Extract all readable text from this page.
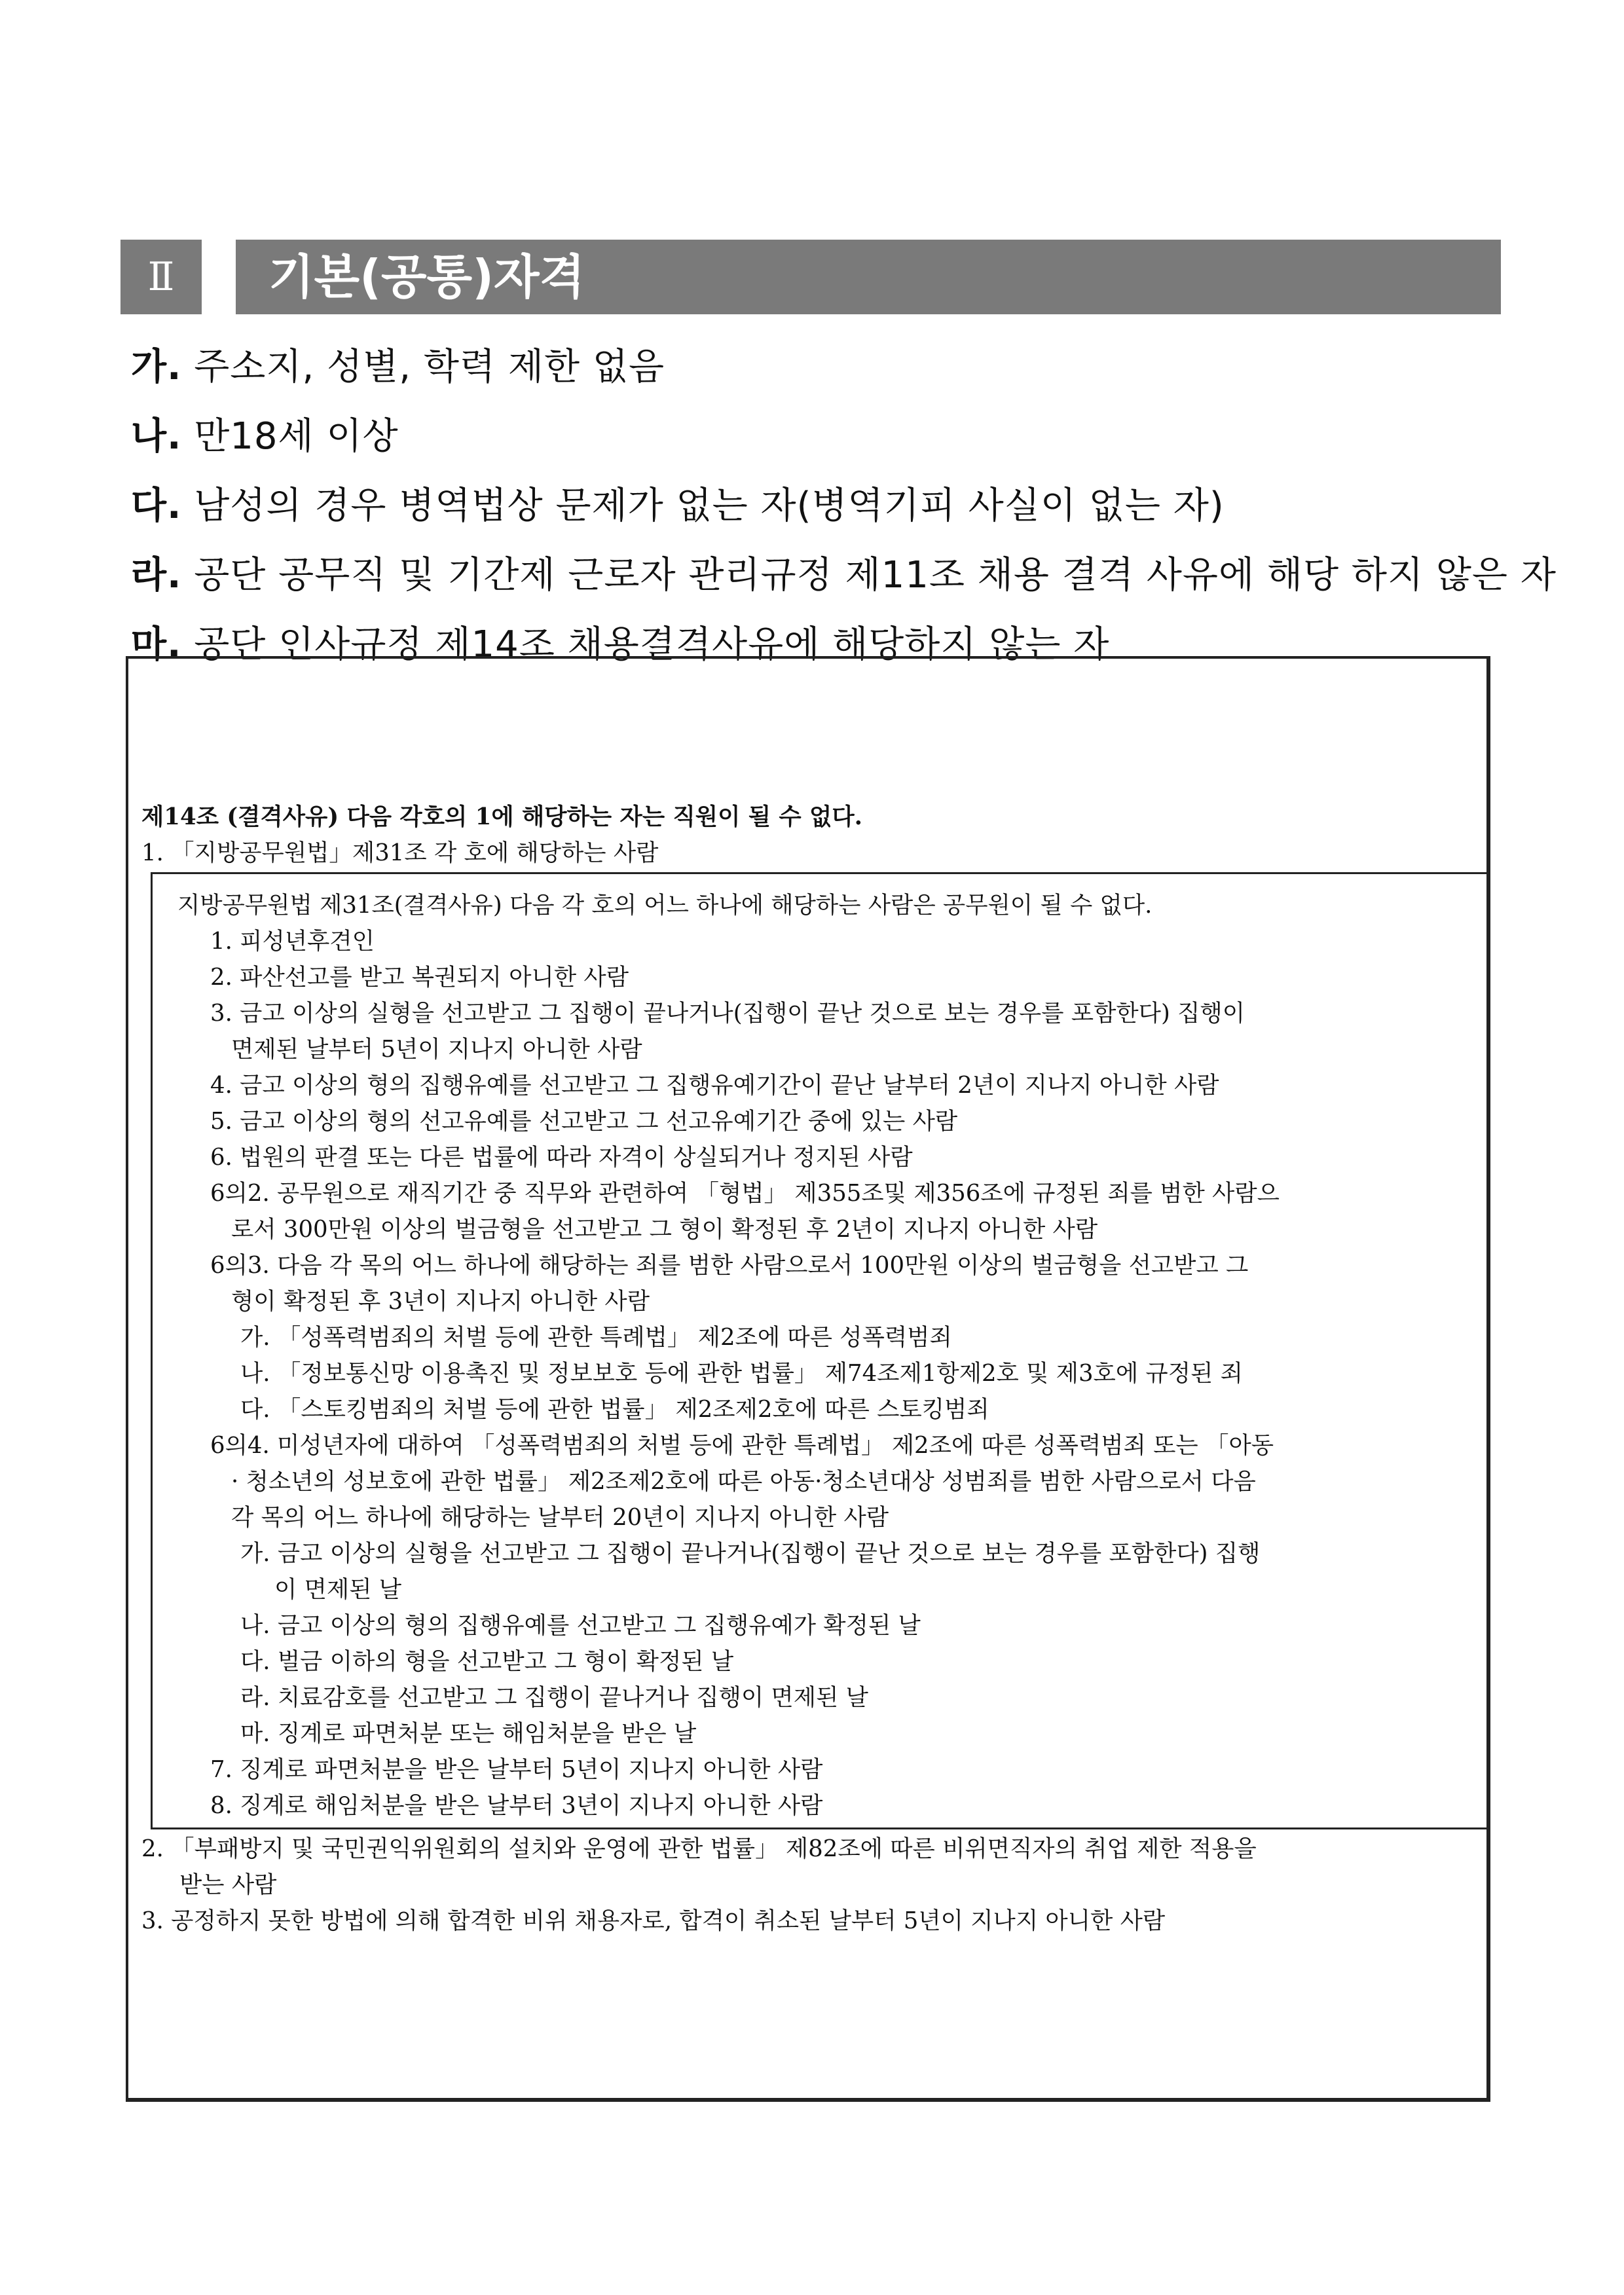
Ⅱ	기본(공통)자격
가. 주소지, 성별, 학력 제한 없음
나. 만18세 이상
다. 남성의 경우 병역법상 문제가 없는 자(병역기피 사실이 없는 자)
라. 공단 공무직 및 기간제 근로자 관리규정 제11조 채용 결격 사유에 해당 하지 않은 자
마. 공단 인사규정 제14조 채용결격사유에 해당하지 않는 자

제14조 (결격사유) 다음 각호의 1에 해당하는 자는 직원이 될 수 없다.

1. 「지방공무원법」제31조 각 호에 해당하는 사람

지방공무원법 제31조(결격사유) 다음 각 호의 어느 하나에 해당하는 사람은 공무원이 될 수 없다.

1. 피성년후견인

2. 파산선고를 받고 복권되지 아니한 사람

3. 금고 이상의 실형을 선고받고 그 집행이 끝나거나(집행이 끝난 것으로 보는 경우를 포함한다) 집행이

면제된 날부터 5년이 지나지 아니한 사람

4. 금고 이상의 형의 집행유예를 선고받고 그 집행유예기간이 끝난 날부터 2년이 지나지 아니한 사람

5. 금고 이상의 형의 선고유예를 선고받고 그 선고유예기간 중에 있는 사람

6. 법원의 판결 또는 다른 법률에 따라 자격이 상실되거나 정지된 사람

6의2. 공무원으로 재직기간 중 직무와 관련하여 「형법」 제355조및 제356조에 규정된 죄를 범한 사람으

로서 300만원 이상의 벌금형을 선고받고 그 형이 확정된 후 2년이 지나지 아니한 사람

6의3. 다음 각 목의 어느 하나에 해당하는 죄를 범한 사람으로서 100만원 이상의 벌금형을 선고받고 그

형이 확정된 후 3년이 지나지 아니한 사람

가. 「성폭력범죄의 처벌 등에 관한 특례법」 제2조에 따른 성폭력범죄

나. 「정보통신망 이용촉진 및 정보보호 등에 관한 법률」 제74조제1항제2호 및 제3호에 규정된 죄

다. 「스토킹범죄의 처벌 등에 관한 법률」 제2조제2호에 따른 스토킹범죄

6의4. 미성년자에 대하여 「성폭력범죄의 처벌 등에 관한 특례법」 제2조에 따른 성폭력범죄 또는 「아동

· 청소년의 성보호에 관한 법률」 제2조제2호에 따른 아동·청소년대상 성범죄를 범한 사람으로서 다음

각 목의 어느 하나에 해당하는 날부터 20년이 지나지 아니한 사람

가. 금고 이상의 실형을 선고받고 그 집행이 끝나거나(집행이 끝난 것으로 보는 경우를 포함한다) 집행

이 면제된 날

나. 금고 이상의 형의 집행유예를 선고받고 그 집행유예가 확정된 날

다. 벌금 이하의 형을 선고받고 그 형이 확정된 날

라. 치료감호를 선고받고 그 집행이 끝나거나 집행이 면제된 날

마. 징계로 파면처분 또는 해임처분을 받은 날

7. 징계로 파면처분을 받은 날부터 5년이 지나지 아니한 사람

8. 징계로 해임처분을 받은 날부터 3년이 지나지 아니한 사람

2. 「부패방지 및 국민권익위원회의 설치와 운영에 관한 법률」 제82조에 따른 비위면직자의 취업 제한 적용을

받는 사람

3. 공정하지 못한 방법에 의해 합격한 비위 채용자로, 합격이 취소된 날부터 5년이 지나지 아니한 사람
